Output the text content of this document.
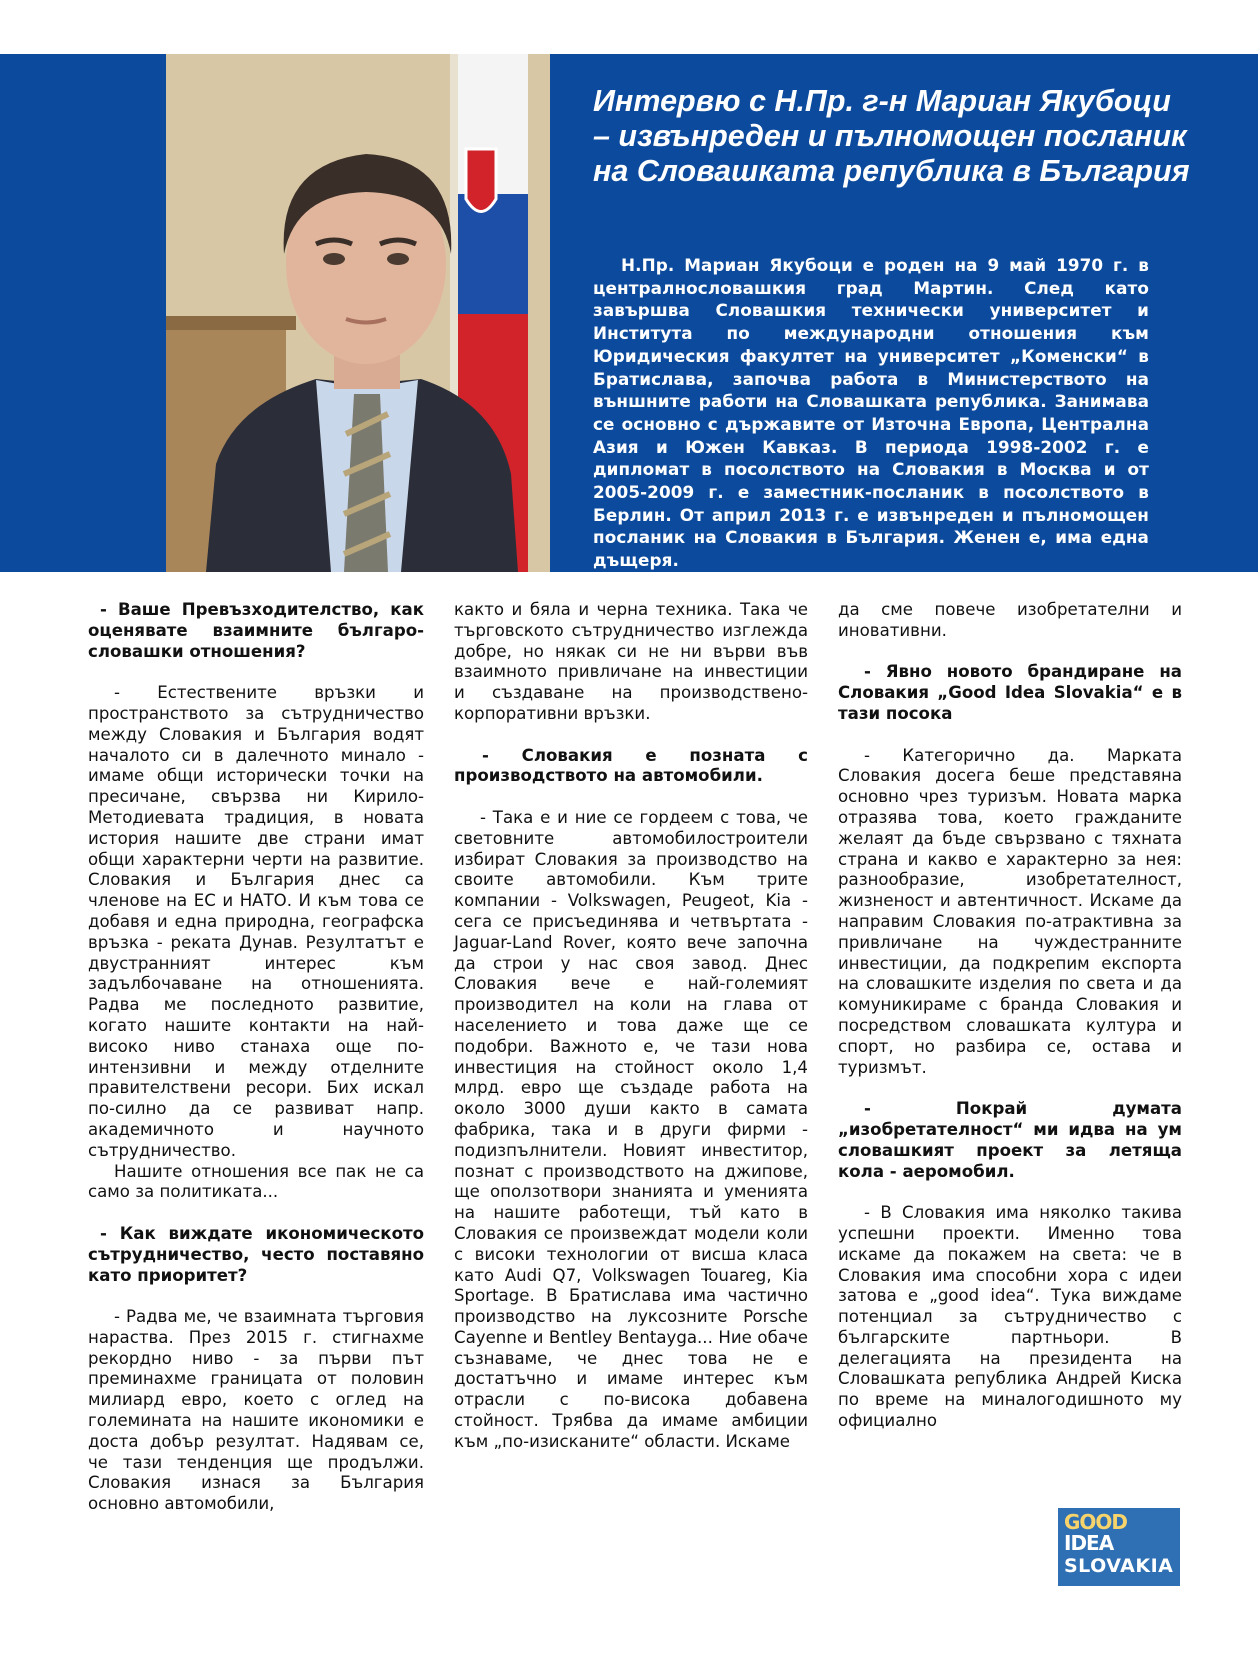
Интервю с Н.Пр. г-н Мариан Якубоци – извънреден и пълномощен посланик на Словашката република в България

Н.Пр. Мариан Якубоци е роден на 9 май 1970 г. в централнословашкия град Мартин. След като завършва Словашкия технически университет и Института по международни отношения към Юридическия факултет на университет „Коменски“ в Братислава, започва работа в Министерството на външните работи на Словашката република. Занимава се основно с държавите от Източна Европа, Централна Азия и Южен Кавказ. В периода 1998-2002 г. е дипломат в посолството на Словакия в Москва и от 2005-2009 г. е заместник-посланик в посолството в Берлин. От април 2013 г. е извънреден и пълномощен посланик на Словакия в България. Женен е, има една дъщеря.

- Ваше Превъзходителство, как оценявате взаимните българо-словашки отношения?

- Естествените връзки и пространството за сътрудничество между Словакия и България водят началото си в далечното минало - имаме общи исторически точки на пресичане, свързва ни Кирило-Методиевата традиция, в новата история нашите две страни имат общи характерни черти на развитие. Словакия и България днес са членове на ЕС и НАТО. И към това се добавя и една природна, географска връзка - реката Дунав. Резултатът е двустранният интерес към задълбочаване на отношенията. Радва ме последното развитие, когато нашите контакти на най-високо ниво станаха още по-интензивни и между отделните правителствени ресори. Бих искал по-силно да се развиват напр. академичното и научното сътрудничество.

Нашите отношения все пак не са само за политиката...

- Как виждате икономическото сътрудничество, често поставяно като приоритет?

- Радва ме, че взаимната търговия нараства. През 2015 г. стигнахме рекордно ниво - за първи път преминахме границата от половин милиард евро, което с оглед на големината на нашите икономики е доста добър резултат. Надявам се, че тази тенденция ще продължи. Словакия изнася за България основно автомобили,

както и бяла и черна техника. Така че търговското сътрудничество изглежда добре, но някак си не ни върви във взаимното привличане на инвестиции и създаване на производствено-корпоративни връзки.

- Словакия е позната с производството на автомобили.

- Така е и ние се гордеем с това, че световните автомобилостроители избират Словакия за производство на своите автомобили. Към трите компании - Volkswagen, Peugeot, Kia - сега се присъединява и четвъртата - Jaguar-Land Rover, която вече започна да строи у нас своя завод. Днес Словакия вече е най-големият производител на коли на глава от населението и това даже ще се подобри. Важното е, че тази нова инвестиция на стойност около 1,4 млрд. евро ще създаде работа на около 3000 души както в самата фабрика, така и в други фирми - подизпълнители. Новият инвеститор, познат с производството на джипове, ще оползотвори знанията и уменията на нашите работещи, тъй като в Словакия се произвеждат модели коли с високи технологии от висша класа като Audi Q7, Volkswagen Touareg, Kia Sportage. В Братислава има частично производство на луксозните Porsche Cayenne и Bentley Bentayga... Ние обаче съзнаваме, че днес това не е достатъчно и имаме интерес към отрасли с по-висока добавена стойност. Трябва да имаме амбиции към „по-изисканите“ области. Искаме

да сме повече изобретателни и иновативни.

- Явно новото брандиране на Словакия „Good Idea Slovakia“ е в тази посока

- Категорично да. Марката Словакия досега беше представяна основно чрез туризъм. Новата марка отразява това, което гражданите желаят да бъде свързвано с тяхната страна и какво е характерно за нея: разнообразие, изобретателност, жизненост и автентичност. Искаме да направим Словакия по-атрактивна за привличане на чуждестранните инвестиции, да подкрепим експорта на словашките изделия по света и да комуникираме с бранда Словакия и посредством словашката култура и спорт, но разбира се, остава и туризмът.

- Покрай думата „изобретателност“ ми идва на ум словашкият проект за летяща кола - аеромобил.

- В Словакия има няколко такива успешни проекти. Именно това искаме да покажем на света: че в Словакия има способни хора с идеи затова е „good idea“. Тука виждаме потенциал за сътрудничество с българските партньори. В делегацията на президента на Словашката република Андрей Киска по време на миналогодишното му официално

GOOD
IDEA
SLOVAKIA
